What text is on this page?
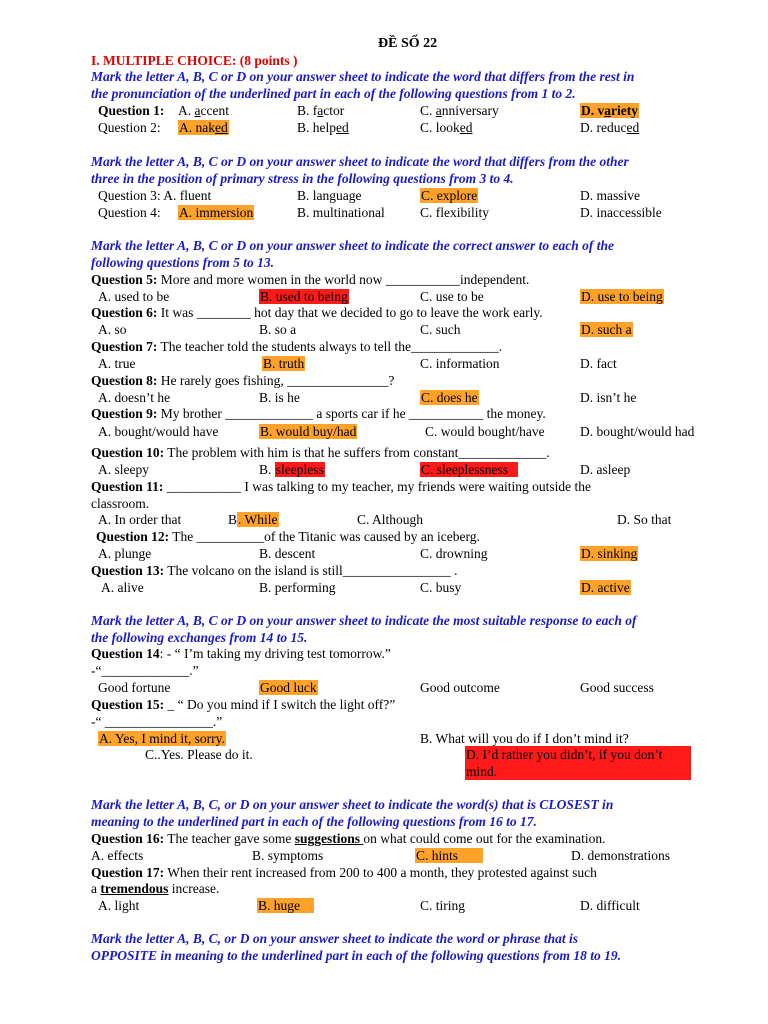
ĐỀ SỐ 22
I. MULTIPLE CHOICE: (8 points )
Mark the letter A, B, C or D on your answer sheet to indicate the word that differs from the rest in
the pronunciation of the underlined part in each of the following questions from 1 to 2.
Question 1: A. accent	B. factor	C. anniversary	D. variety
Question 2: A. naked	B. helped	C. looked	D. reduced
Mark the letter A, B, C or D on your answer sheet to indicate the word that differs from the other
three in the position of primary stress in the following questions from 3 to 4.
Question 3: A. fluent	B. language	C. explore	D. massive
Question 4: A. immersion	B. multinational	C. flexibility	D. inaccessible
Mark the letter A, B, C or D on your answer sheet to indicate the correct answer to each of the
following questions from 5 to 13.
Question 5: More and more women in the world now ___________independent.
A. used to be	B. used to being	C. use to be	D. use to being
Question 6: It was ________ hot day that we decided to go to leave the work early.
A. so	B. so a	C. such	D. such a
Question 7: The teacher told the students always to tell the_____________.
A. true	B. truth	C. information	D. fact
Question 8: He rarely goes fishing, _______________?
A. doesn’t he	B. is he	C. does he	D. isn’t he
Question 9: My brother _____________ a sports car if he ___________ the money.
A. bought/would have	B. would buy/had	C. would bought/have	D. bought/would had
Question 10: The problem with him is that he suffers from constant_____________.
A. sleepy	B. sleepless	C. sleeplessness	D. asleep
Question 11: ___________ I was talking to my teacher, my friends were waiting outside the
classroom.
A. In order that	B. While	C. Although	D. So that
Question 12: The __________of the Titanic was caused by an iceberg.
A. plunge	B. descent	C. drowning	D. sinking
Question 13: The volcano on the island is still________________ .
A. alive	B. performing	C. busy	D. active
Mark the letter A, B, C or D on your answer sheet to indicate the most suitable response to each of
the following exchanges from 14 to 15.
Question 14: - “ I’m taking my driving test tomorrow.”
-“_____________.”
Good fortune	Good luck	Good outcome	Good success
Question 15: _ “ Do you mind if I switch the light off?”
-“ ________________.”
A. Yes, I mind it, sorry.	B. What will you do if I don’t mind it?
C..Yes. Please do it.	D. I’d rather you didn’t, if you don’t
mind.
Mark the letter A, B, C, or D on your answer sheet to indicate the word(s) that is CLOSEST in
meaning to the underlined part in each of the following questions from 16 to 17.
Question 16: The teacher gave some suggestions on what could come out for the examination.
A. effects	B. symptoms	C. hints	D. demonstrations
Question 17: When their rent increased from 200 to 400 a month, they protested against such
a tremendous increase.
A. light	B. huge	C. tiring	D. difficult
Mark the letter A, B, C, or D on your answer sheet to indicate the word or phrase that is
OPPOSITE in meaning to the underlined part in each of the following questions from 18 to 19.
